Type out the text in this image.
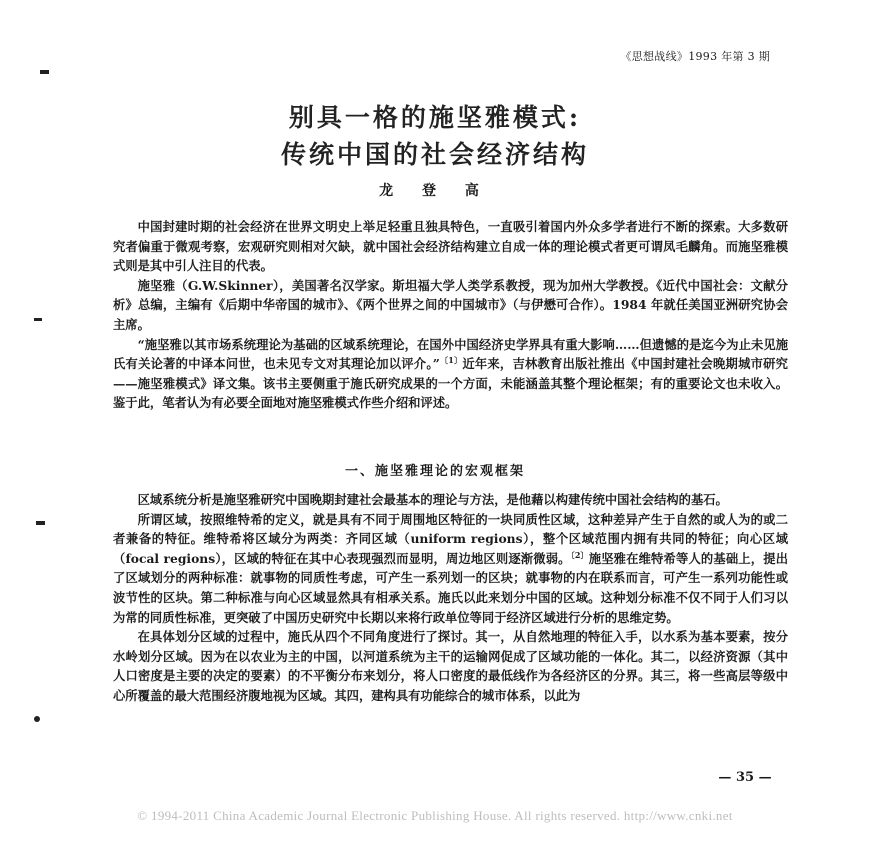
《思想战线》1993 年第 3 期
别具一格的施坚雅模式:
传统中国的社会经济结构
龙 登 高

中国封建时期的社会经济在世界文明史上举足轻重且独具特色，一直吸引着国内外众多学者进行不断的探索。大多数研究者偏重于微观考察，宏观研究则相对欠缺，就中国社会经济结构建立自成一体的理论模式者更可谓凤毛麟角。而施坚雅模式则是其中引人注目的代表。

施坚雅（G.W.Skinner），美国著名汉学家。斯坦福大学人类学系教授，现为加州大学教授。《近代中国社会：文献分析》总编，主编有《后期中华帝国的城市》、《两个世界之间的中国城市》（与伊懋可合作）。1984 年就任美国亚洲研究协会主席。

“施坚雅以其市场系统理论为基础的区域系统理论，在国外中国经济史学界具有重大影响……但遗憾的是迄今为止未见施氏有关论著的中译本问世，也未见专文对其理论加以评介。”$^{〔1〕}$近年来，吉林教育出版社推出《中国封建社会晚期城市研究——施坚雅模式》译文集。该书主要侧重于施氏研究成果的一个方面，未能涵盖其整个理论框架；有的重要论文也未收入。鉴于此，笔者认为有必要全面地对施坚雅模式作些介绍和评述。

一、施坚雅理论的宏观框架

区域系统分析是施坚雅研究中国晚期封建社会最基本的理论与方法，是他藉以构建传统中国社会结构的基石。

所谓区域，按照维特希的定义，就是具有不同于周围地区特征的一块同质性区域，这种差异产生于自然的或人为的或二者兼备的特征。维特希将区域分为两类：齐同区域（uniform regions），整个区域范围内拥有共同的特征；向心区域（focal regions），区域的特征在其中心表现强烈而显明，周边地区则逐渐微弱。$^{〔2〕}$施坚雅在维特希等人的基础上，提出了区域划分的两种标准：就事物的同质性考虑，可产生一系列划一的区块；就事物的内在联系而言，可产生一系列功能性或波节性的区块。第二种标准与向心区域显然具有相承关系。施氏以此来划分中国的区域。这种划分标准不仅不同于人们习以为常的同质性标准，更突破了中国历史研究中长期以来将行政单位等同于经济区域进行分析的思维定势。

在具体划分区域的过程中，施氏从四个不同角度进行了探讨。其一，从自然地理的特征入手，以水系为基本要素，按分水岭划分区域。因为在以农业为主的中国，以河道系统为主干的运输网促成了区域功能的一体化。其二，以经济资源（其中人口密度是主要的决定的要素）的不平衡分布来划分，将人口密度的最低线作为各经济区的分界。其三，将一些高层等级中心所覆盖的最大范围经济腹地视为区域。其四，建构具有功能综合的城市体系，以此为

— 35 —
© 1994-2011 China Academic Journal Electronic Publishing House. All rights reserved. http://www.cnki.net
